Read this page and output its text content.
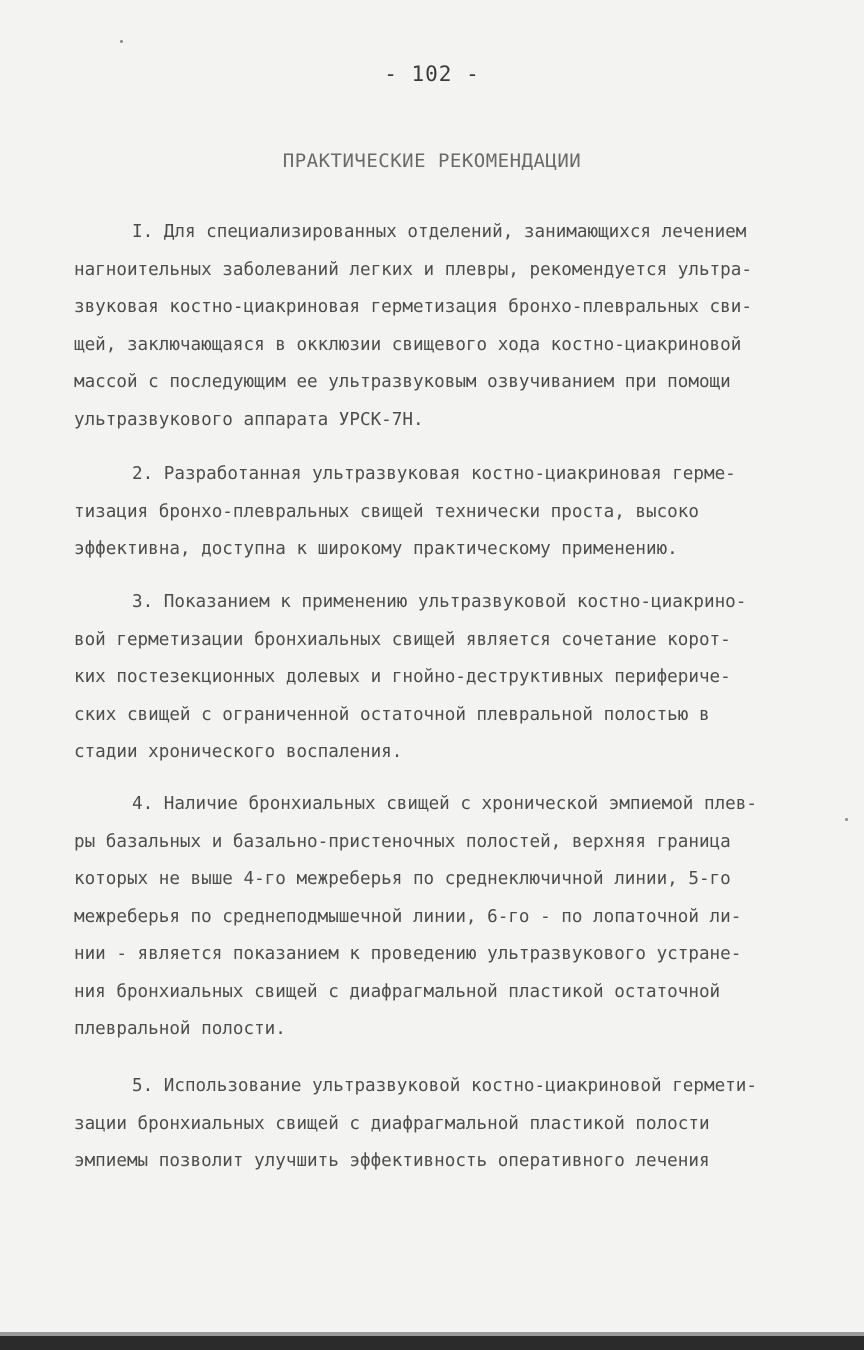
- 102 -
ПРАКТИЧЕСКИЕ РЕКОМЕНДАЦИИ
I. Для специализированных отделений, занимающихся лечением
нагноительных заболеваний легких и плевры, рекомендуется ультра-
звуковая костно-циакриновая герметизация бронхо-плевральных сви-
щей, заключающаяся в окклюзии свищевого хода костно-циакриновой
массой с последующим ее ультразвуковым озвучиванием при помощи
ультразвукового аппарата УРСК-7Н.
2. Разработанная ультразвуковая костно-циакриновая герме-
тизация бронхо-плевральных свищей технически проста, высоко
эффективна, доступна к широкому практическому применению.
3. Показанием к применению ультразвуковой костно-циакрино-
вой герметизации бронхиальных свищей является сочетание корот-
ких постезекционных долевых и гнойно-деструктивных перифериче-
ских свищей с ограниченной остаточной плевральной полостью в
стадии хронического воспаления.
4. Наличие бронхиальных свищей с хронической эмпиемой плев-
ры базальных и базально-пристеночных полостей, верхняя граница
которых не выше 4-го межреберья по среднеключичной линии, 5-го
межреберья по среднеподмышечной линии, 6-го - по лопаточной ли-
нии - является показанием к проведению ультразвукового устране-
ния бронхиальных свищей с диафрагмальной пластикой остаточной
плевральной полости.
5. Использование ультразвуковой костно-циакриновой гермети-
зации бронхиальных свищей с диафрагмальной пластикой полости
эмпиемы позволит улучшить эффективность оперативного лечения
